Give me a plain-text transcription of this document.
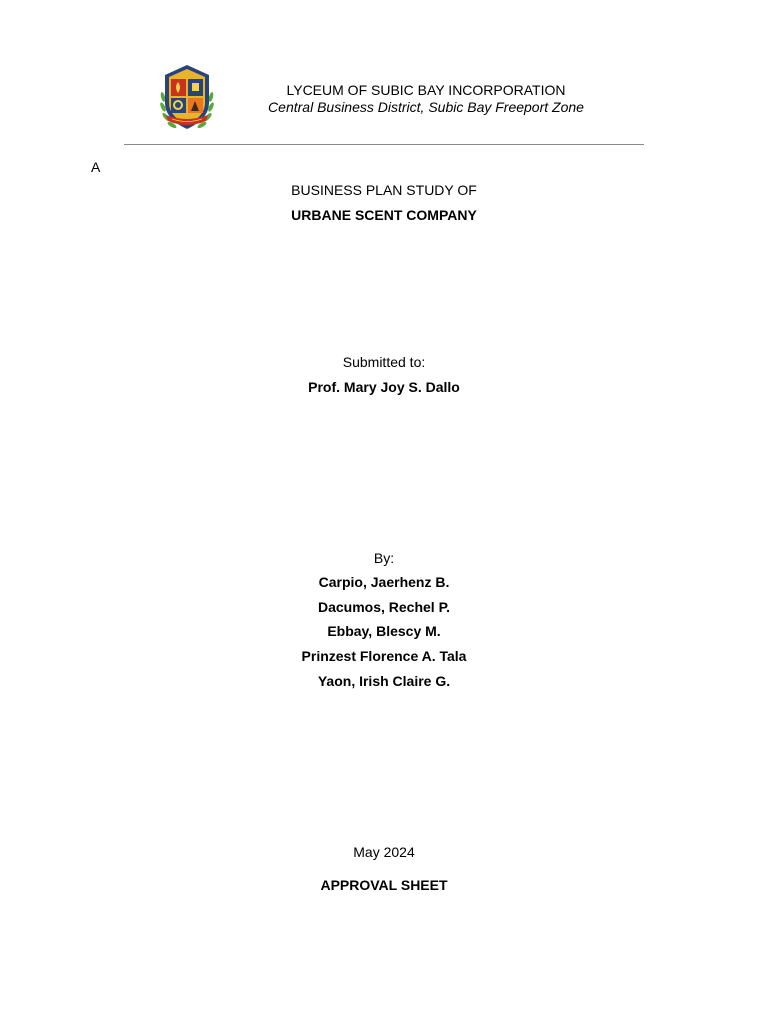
LYCEUM OF SUBIC BAY INCORPORATION
Central Business District, Subic Bay Freeport Zone
A
BUSINESS PLAN STUDY OF
URBANE SCENT COMPANY
Submitted to:
Prof. Mary Joy S. Dallo
By:
Carpio, Jaerhenz B.
Dacumos, Rechel P.
Ebbay, Blescy M.
Prinzest Florence A. Tala
Yaon, Irish Claire G.
May 2024
APPROVAL SHEET
